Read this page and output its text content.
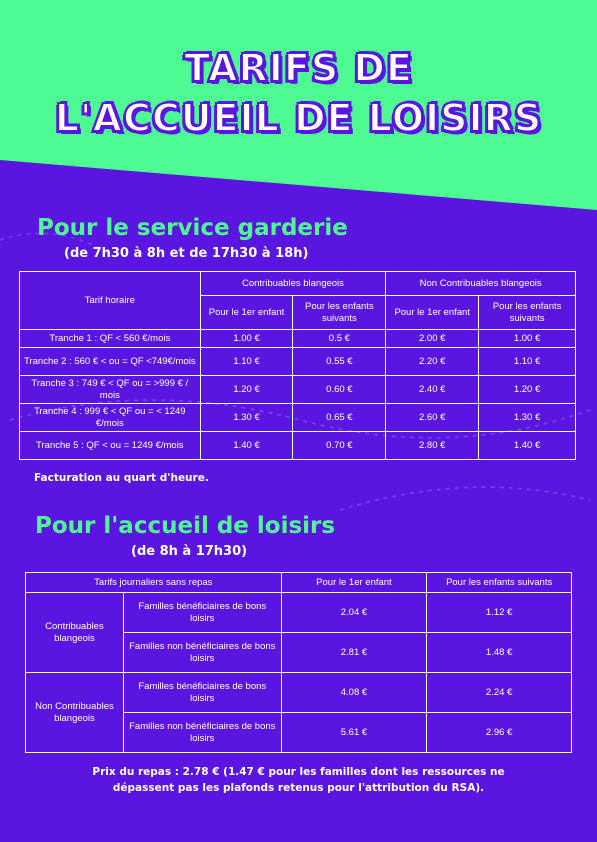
TARIFS DE
L'ACCUEIL DE LOISIRS
Pour le service garderie
(de 7h30 à 8h et de 17h30 à 18h)
Tarif horaire	Contribuables blangeois		Non Contribuables blangeois	
	Pour le 1er enfant	Pour les enfants suivants	Pour le 1er enfant	Pour les enfants suivants
Tranche 1 : QF < 560 €/mois	1.00 €	0.5 €	2.00 €	1.00 €
Tranche 2 : 560 € < ou = QF <749€/mois	1.10 €	0.55 €	2.20 €	1.10 €
Tranche 3 : 749 € < QF ou = >999 € / mois	1.20 €	0.60 €	2.40 €	1.20 €
Tranche 4 : 999 € < QF ou = < 1249 €/mois	1.30 €	0.65 €	2.60 €	1.30 €
Tranche 5 : QF < ou = 1249 €/mois	1.40 €	0.70 €	2.80 €	1.40 €
Facturation au quart d'heure.
Pour l'accueil de loisirs
(de 8h à 17h30)
Tarifs journaliers sans repas		Pour le 1er enfant	Pour les enfants suivants
Contribuables blangeois	Familles bénéficiaires de bons loisirs	2.04 €	1.12 €
	Familles non bénéficiaires de bons loisirs	2.81 €	1.48 €
Non Contribuables blangeois	Familles bénéficiaires de bons loisirs	4.08 €	2.24 €
	Familles non bénéficiaires de bons loisirs	5.61 €	2.96 €
Prix du repas : 2.78 € (1.47 € pour les familles dont les ressources ne
dépassent pas les plafonds retenus pour l'attribution du RSA).
